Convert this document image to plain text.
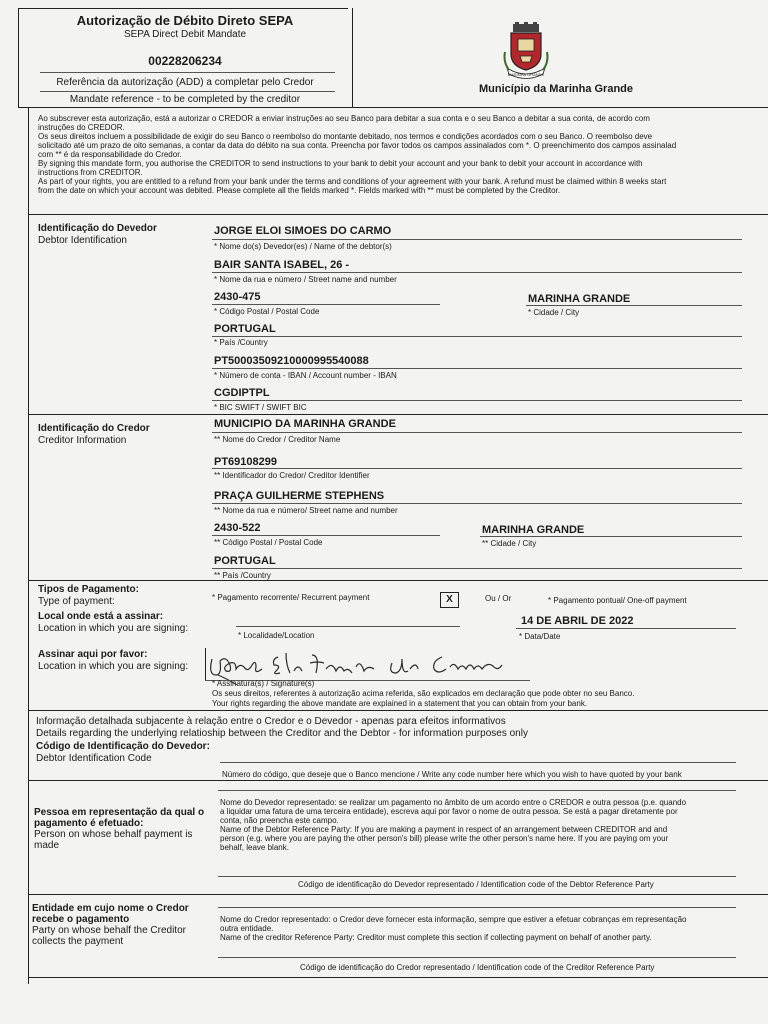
Autorização de Débito Direto SEPA
SEPA Direct Debit Mandate
00228206234
Referência da autorização (ADD) a completar pelo Credor
Mandate reference - to be completed by the creditor
MARINHA GRANDE
Município da Marinha Grande
Ao subscrever esta autorização, está a autorizar o CREDOR a enviar instruções ao seu Banco para debitar a sua conta e o seu Banco a debitar a sua conta, de acordo com
instruções do CREDOR.
Os seus direitos incluem a possibilidade de exigir do seu Banco o reembolso do montante debitado, nos termos e condições acordados com o seu Banco. O reembolso deve
solicitado até um prazo de oito semanas, a contar da data do débito na sua conta. Preencha por favor todos os campos assinalados com *. O preenchimento dos campos assinalad
com ** é da responsabilidade do Credor.
By signing this mandate form, you authorise the CREDITOR to send instructions to your bank to debit your account and your bank to debit your account in accordance with
instructions from CREDITOR.
As part of your rights, you are entitled to a refund from your bank under the terms and conditions of your agreement with your bank. A refund must be claimed within 8 weeks start
from the date on which your account was debited. Please complete all the fields marked *. Fields marked with ** must be completed by the Creditor.
Identificação do Devedor
Debtor Identification
JORGE ELOI SIMOES DO CARMO
* Nome do(s) Devedor(es) / Name of the debtor(s)
BAIR SANTA ISABEL, 26 -
* Nome da rua e número / Street name and number
2430-475
* Código Postal / Postal Code
MARINHA GRANDE
* Cidade / City
PORTUGAL
* País /Country
PT50003509210000995540088
* Número de conta - IBAN / Account number - IBAN
CGDIPTPL
* BIC SWIFT / SWIFT BIC
Identificação do Credor
Creditor Information
MUNICIPIO DA MARINHA GRANDE
** Nome do Credor / Creditor Name
PT69108299
** Identificador do Credor/ Creditor Identifier
PRAÇA GUILHERME STEPHENS
** Nome da rua e número/ Street name and number
2430-522
** Código Postal / Postal Code
MARINHA GRANDE
** Cidade / City
PORTUGAL
** País /Country
Tipos de Pagamento:
Type of payment:	* Pagamento recorrente/ Recurrent payment	X	Ou / Or	* Pagamento pontual/ One-off payment
Local onde está a assinar:
Location in which you are signing:
* Localidade/Location
14 DE ABRIL DE 2022
* Data/Date
Assinar aqui por favor:
Location in which you are signing:
* Assinatura(s) / Signature(s)
Os seus direitos, referentes à autorização acima referida, são explicados em declaração que pode obter no seu Banco.
Your rights regarding the above mandate are explained in a statement that you can obtain from your bank.
Informação detalhada subjacente à relação entre o Credor e o Devedor - apenas para efeitos informativos
Details regarding the underlying relatioship between the Creditor and the Debtor - for information purposes only
Código de Identificação do Devedor:
Debtor Identification Code
Número do código, que deseje que o Banco mencione / Write any code number here which you wish to have quoted by your bank
Pessoa em representação da qual o
pagamento é efetuado:
Person on whose behalf payment is
made
Nome do Devedor representado: se realizar um pagamento no âmbito de um acordo entre o CREDOR e outra pessoa (p.e. quando
a liquidar uma fatura de uma terceira entidade), escreva aqui por favor o nome de outra pessoa. Se está a pagar diretamente por
conta, não preencha este campo.
Name of the Debtor Reference Party: If you are making a payment in respect of an arrangement between CREDITOR and and
person (e.g. where you are paying the other person's bill) please write the other person's name here. If you are paying om your
behalf, leave blank.
Código de identificação do Devedor representado / Identification code of the Debtor Reference Party
Entidade em cujo nome o Credor
recebe o pagamento
Party on whose behalf the Creditor
collects the payment
Nome do Credor representado: o Credor deve fornecer esta informação, sempre que estiver a efetuar cobranças em representação
outra entidade.
Name of the creditor Reference Party: Creditor must complete this section if collecting payment on behalf of another party.
Código de identificação do Credor representado / Identification code of the Creditor Reference Party
